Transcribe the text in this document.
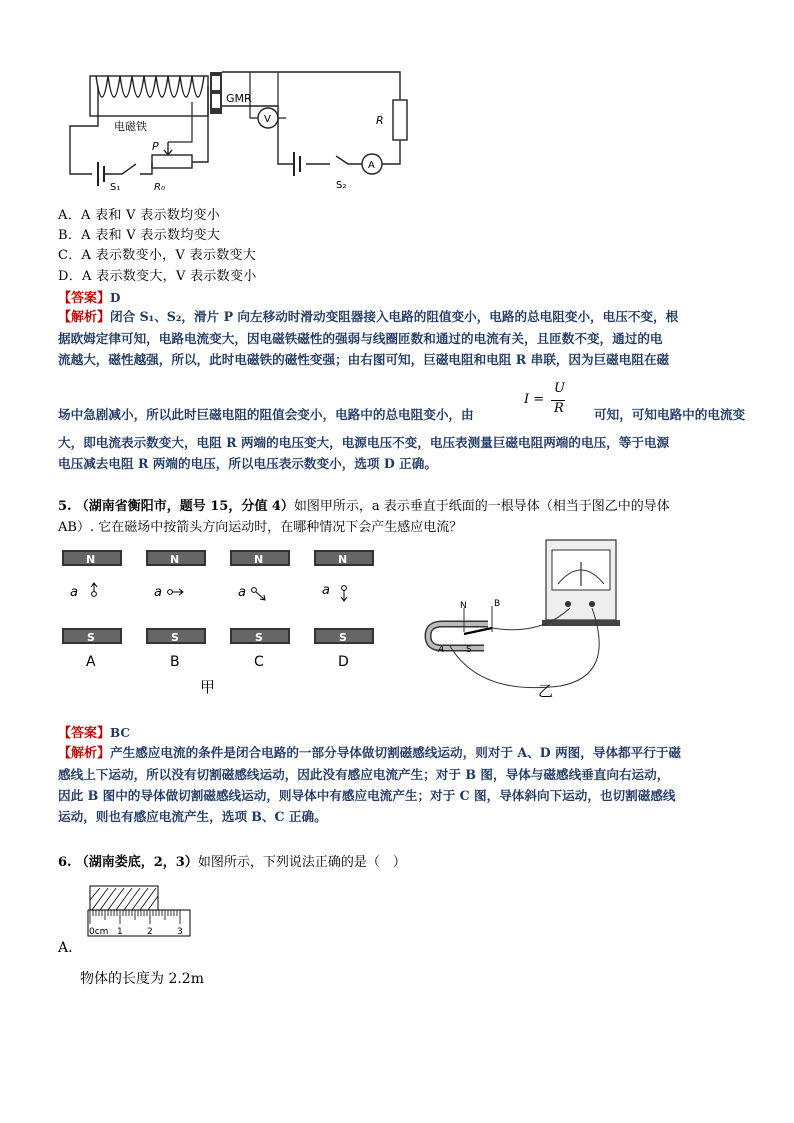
GMR
V
A
R
电磁铁
P
S₁	R₀	S₂
A．A 表和 V 表示数均变小
B．A 表和 V 表示数均变大
C．A 表示数变小，V 表示数变大
D．A 表示数变大，V 表示数变小
【答案】D
【解析】闭合 S₁、S₂，滑片 P 向左移动时滑动变阻器接入电路的阻值变小，电路的总电阻变小，电压不变，根
据欧姆定律可知，电路电流变大，因电磁铁磁性的强弱与线圈匝数和通过的电流有关，且匝数不变，通过的电
流越大，磁性越强，所以，此时电磁铁的磁性变强；由右图可知，巨磁电阻和电阻 R 串联，因为巨磁电阻在磁
场中急剧减小，所以此时巨磁电阻的阻值会变小，电路中的总电阻变小，由
I =
U
R 可知，可知电路中的电流变
大，即电流表示数变大，电阻 R 两端的电压变大，电源电压不变，电压表测量巨磁电阻两端的电压，等于电源
电压减去电阻 R 两端的电压，所以电压表示数变小，选项 D 正确。
5. （湖南省衡阳市，题号 15，分值 4）如图甲所示，a 表示垂直于纸面的一根导体（相当于图乙中的导体
AB）. 它在磁场中按箭头方向运动时，在哪种情况下会产生感应电流？
N
a
S
A
N
a
S
B
N
a
S
C
N
a
S
D
甲
N
S
A
B
乙
【答案】BC
【解析】产生感应电流的条件是闭合电路的一部分导体做切割磁感线运动，则对于 A、D 两图，导体都平行于磁
感线上下运动，所以没有切割磁感线运动，因此没有感应电流产生；对于 B 图，导体与磁感线垂直向右运动，
因此 B 图中的导体做切割磁感线运动，则导体中有感应电流产生；对于 C 图，导体斜向下运动，也切割磁感线
运动，则也有感应电流产生，选项 B、C 正确。
6. （湖南娄底，2，3）如图所示，下列说法正确的是（　）
A.
0cm 1	2	3
物体的长度为 2.2m
